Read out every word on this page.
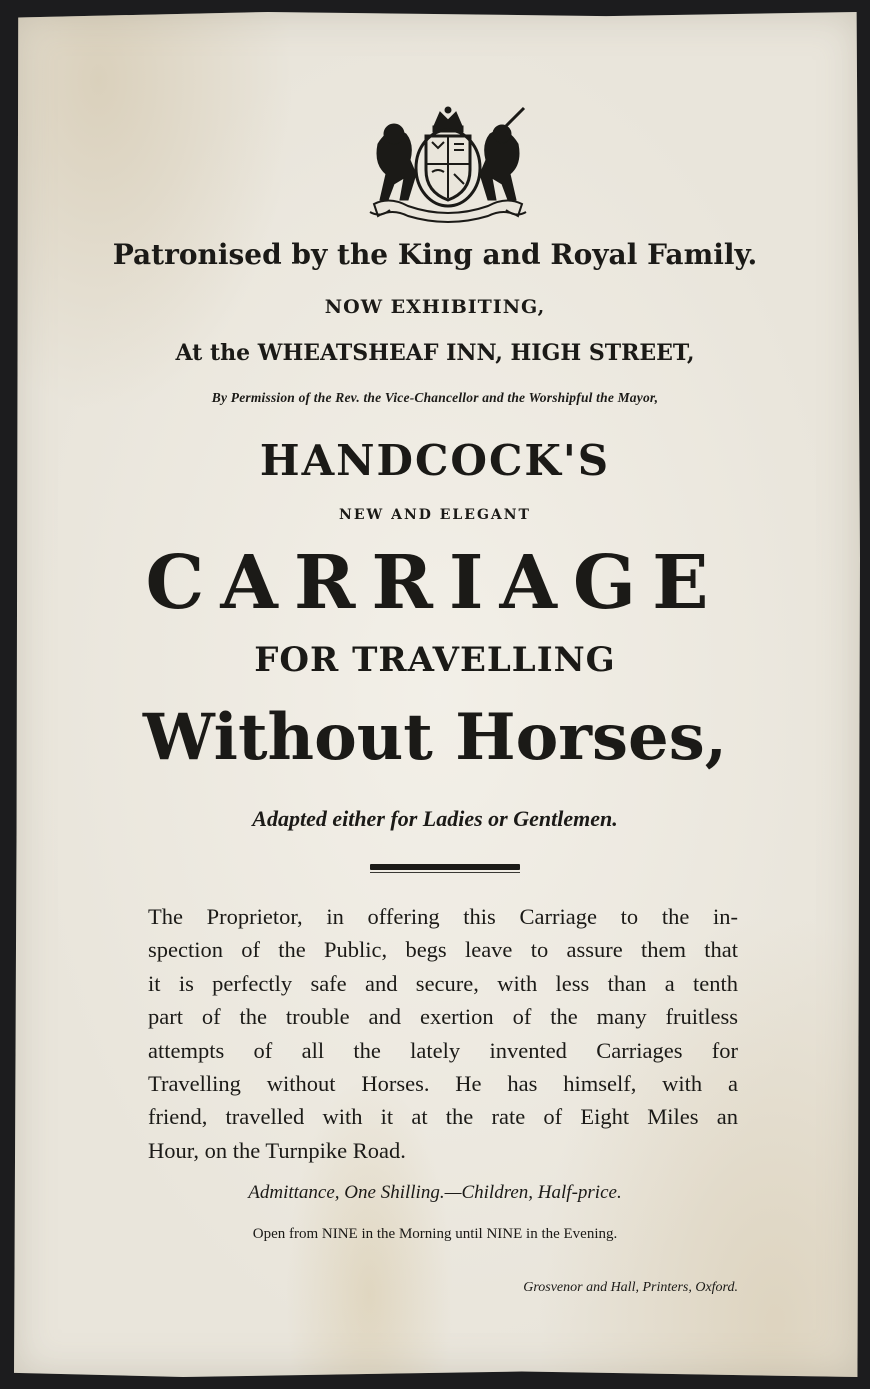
Patronised by the King and Royal Family.
NOW EXHIBITING,
At the WHEATSHEAF INN, HIGH STREET,
By Permission of the Rev. the Vice-Chancellor and the Worshipful the Mayor,
HANDCOCK'S
NEW AND ELEGANT
CARRIAGE
FOR TRAVELLING
Without Horses,
Adapted either for Ladies or Gentlemen.
The Proprietor, in offering this Carriage to the in-
spection of the Public, begs leave to assure them that
it is perfectly safe and secure, with less than a tenth
part of the trouble and exertion of the many fruitless
attempts of all the lately invented Carriages for
Travelling without Horses. He has himself, with a
friend, travelled with it at the rate of Eight Miles an
Hour, on the Turnpike Road.
Admittance, One Shilling.—Children, Half-price.
Open from NINE in the Morning until NINE in the Evening.
Grosvenor and Hall, Printers, Oxford.
